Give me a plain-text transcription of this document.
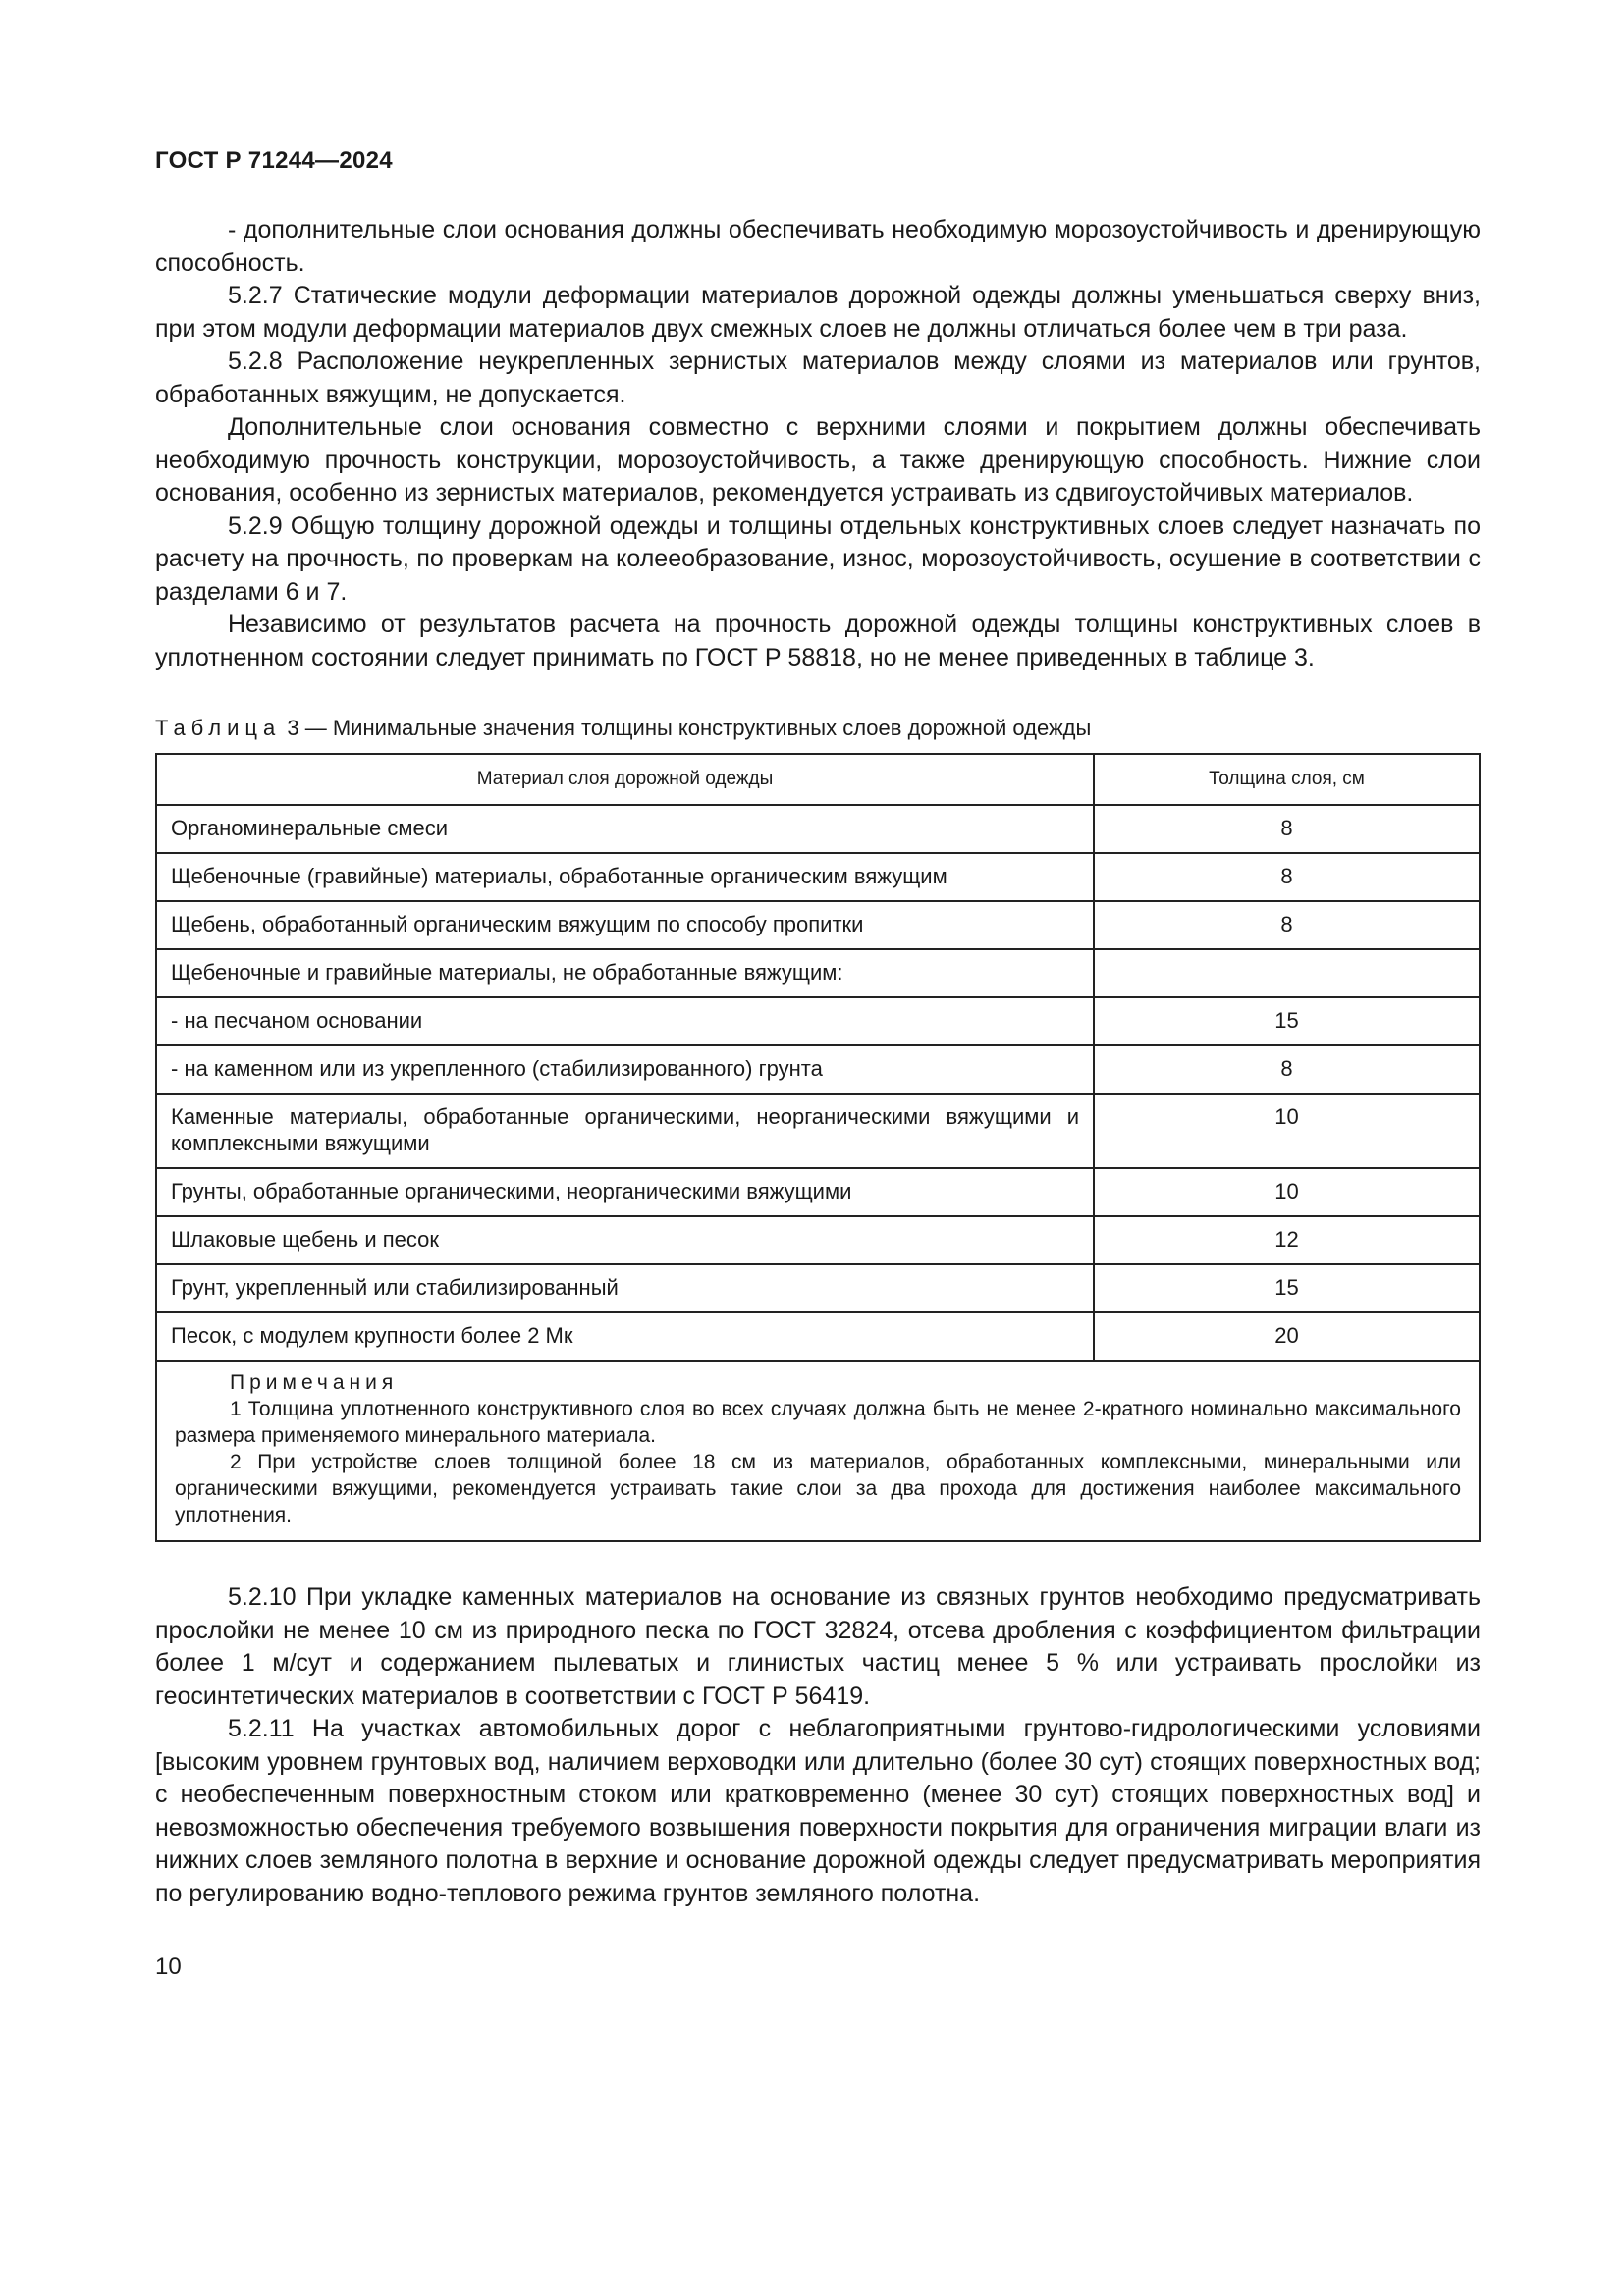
ГОСТ Р 71244—2024

- дополнительные слои основания должны обеспечивать необходимую морозоустойчивость и дренирующую способность.

5.2.7 Статические модули деформации материалов дорожной одежды должны уменьшаться сверху вниз, при этом модули деформации материалов двух смежных слоев не должны отличаться более чем в три раза.

5.2.8 Расположение неукрепленных зернистых материалов между слоями из материалов или грунтов, обработанных вяжущим, не допускается.

Дополнительные слои основания совместно с верхними слоями и покрытием должны обеспечивать необходимую прочность конструкции, морозоустойчивость, а также дренирующую способность. Нижние слои основания, особенно из зернистых материалов, рекомендуется устраивать из сдвигоустойчивых материалов.

5.2.9 Общую толщину дорожной одежды и толщины отдельных конструктивных слоев следует назначать по расчету на прочность, по проверкам на колееобразование, износ, морозоустойчивость, осушение в соответствии с разделами 6 и 7.

Независимо от результатов расчета на прочность дорожной одежды толщины конструктивных слоев в уплотненном состоянии следует принимать по ГОСТ Р 58818, но не менее приведенных в таблице 3.

Таблица 3 — Минимальные значения толщины конструктивных слоев дорожной одежды
Материал слоя дорожной одежды	Толщина слоя, см
Органоминеральные смеси	8
Щебеночные (гравийные) материалы, обработанные органическим вяжущим	8
Щебень, обработанный органическим вяжущим по способу пропитки	8
Щебеночные и гравийные материалы, не обработанные вяжущим:	
- на песчаном основании	15
- на каменном или из укрепленного (стабилизированного) грунта	8
Каменные материалы, обработанные органическими, неорганическими вяжущими и комплексными вяжущими	10
Грунты, обработанные органическими, неорганическими вяжущими	10
Шлаковые щебень и песок	12
Грунт, укрепленный или стабилизированный	15
Песок, с модулем крупности более 2 Мк	20

Примечания

1 Толщина уплотненного конструктивного слоя во всех случаях должна быть не менее 2-кратного номинально максимального размера применяемого минерального материала.

2 При устройстве слоев толщиной более 18 см из материалов, обработанных комплексными, минеральными или органическими вяжущими, рекомендуется устраивать такие слои за два прохода для достижения наиболее максимального уплотнения.	

5.2.10 При укладке каменных материалов на основание из связных грунтов необходимо предусматривать прослойки не менее 10 см из природного песка по ГОСТ 32824, отсева дробления с коэффициентом фильтрации более 1 м/сут и содержанием пылеватых и глинистых частиц менее 5 % или устраивать прослойки из геосинтетических материалов в соответствии с ГОСТ Р 56419.

5.2.11 На участках автомобильных дорог с неблагоприятными грунтово-гидрологическими условиями [высоким уровнем грунтовых вод, наличием верховодки или длительно (более 30 сут) стоящих поверхностных вод; с необеспеченным поверхностным стоком или кратковременно (менее 30 сут) стоящих поверхностных вод] и невозможностью обеспечения требуемого возвышения поверхности покрытия для ограничения миграции влаги из нижних слоев земляного полотна в верхние и основание дорожной одежды следует предусматривать мероприятия по регулированию водно-теплового режима грунтов земляного полотна.

10
